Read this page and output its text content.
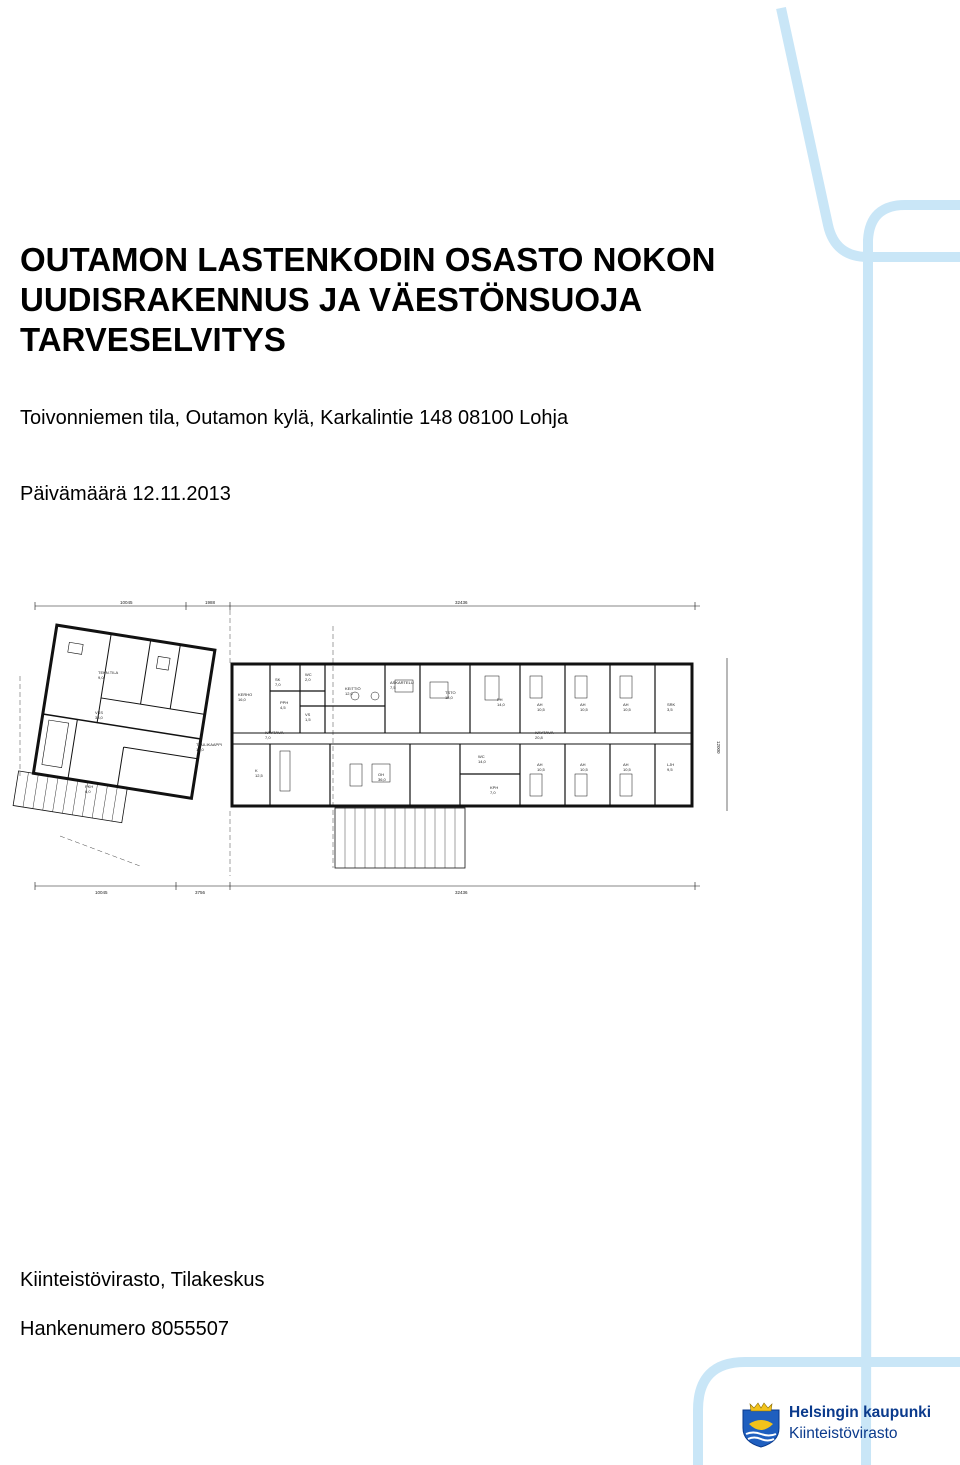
OUTAMON LASTENKODIN OSASTO NOKON
UUDISRAKENNUS JA VÄESTÖNSUOJA
TARVESELVITYS
Toivonniemen tila, Outamon kylä, Karkalintie 148 08100 Lohja
Päivämäärä 12.11.2013
10045	1988	32436
10045	3756	32436
12000
KERHO
16,0
SK
7,0
WC
2,0
PPH
4,5
VS
1,5
KEITTIÖ
12,0
ASKARTELU
7,5
TSTO
18,0	PH
14,0	AH
10,5
AH
10,5
AH
10,5
SRK
3,5
KÄYTÄVÄ
7,0
KÄYTÄVÄ
20,8
K
12,5	OH
36,0
WC
14,0
KPH
7,0
AH
10,5
AH
10,5
AH
10,5
LJH
9,5
VSS
38,0
TEKN.TILA
9,0
PKH
6,0
TUULIKAAPPI
12,0
Kiinteistövirasto, Tilakeskus
Hankenumero 8055507
Helsingin kaupunki
Kiinteistövirasto
